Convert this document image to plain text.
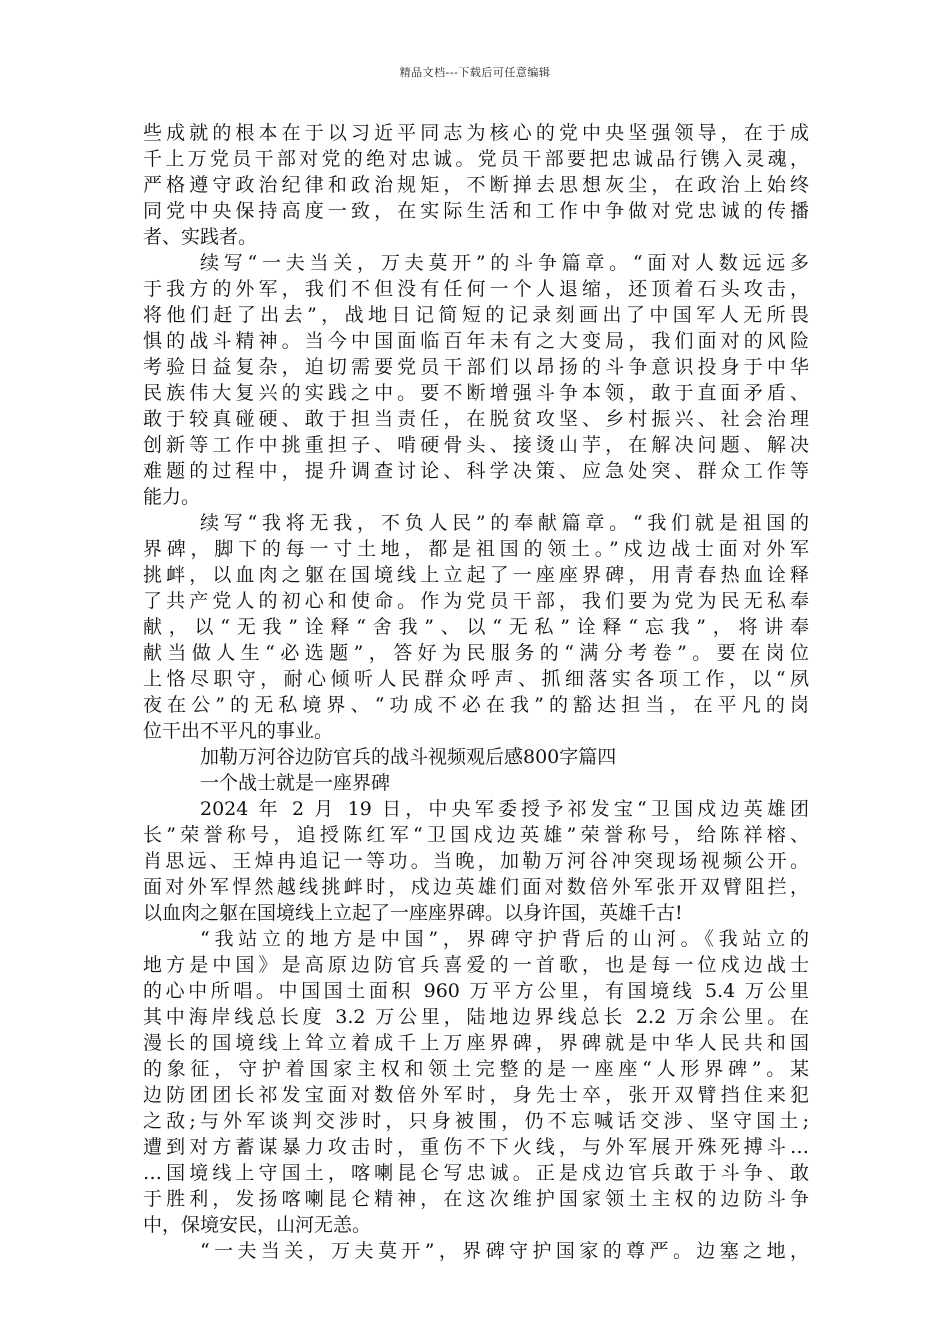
精品文档---下载后可任意编辑
些成就的根本在于以习近平同志为核心的党中央坚强领导，在于成
千上万党员干部对党的绝对忠诚。党员干部要把忠诚品行镌入灵魂，
严格遵守政治纪律和政治规矩，不断掸去思想灰尘，在政治上始终
同党中央保持高度一致，在实际生活和工作中争做对党忠诚的传播
者、实践者。
续写“一夫当关，万夫莫开”的斗争篇章。“面对人数远远多
于我方的外军，我们不但没有任何一个人退缩，还顶着石头攻击，
将他们赶了出去”，战地日记简短的记录刻画出了中国军人无所畏
惧的战斗精神。当今中国面临百年未有之大变局，我们面对的风险
考验日益复杂，迫切需要党员干部们以昂扬的斗争意识投身于中华
民族伟大复兴的实践之中。要不断增强斗争本领，敢于直面矛盾、
敢于较真碰硬、敢于担当责任，在脱贫攻坚、乡村振兴、社会治理
创新等工作中挑重担子、啃硬骨头、接烫山芋，在解决问题、解决
难题的过程中，提升调查讨论、科学决策、应急处突、群众工作等
能力。
续写“我将无我，不负人民”的奉献篇章。“我们就是祖国的
界碑，脚下的每一寸土地，都是祖国的领土。”戍边战士面对外军
挑衅，以血肉之躯在国境线上立起了一座座界碑，用青春热血诠释
了共产党人的初心和使命。作为党员干部，我们要为党为民无私奉
献，以“无我”诠释“舍我”、以“无私”诠释“忘我”，将讲奉
献当做人生“必选题”，答好为民服务的“满分考卷”。要在岗位
上恪尽职守，耐心倾听人民群众呼声、抓细落实各项工作，以“夙
夜在公”的无私境界、“功成不必在我”的豁达担当，在平凡的岗
位干出不平凡的事业。
加勒万河谷边防官兵的战斗视频观后感800字篇四
一个战士就是一座界碑
2024 年 2 月 19 日，中央军委授予祁发宝“卫国戍边英雄团
长”荣誉称号，追授陈红军“卫国戍边英雄”荣誉称号，给陈祥榕、
肖思远、王焯冉追记一等功。当晚，加勒万河谷冲突现场视频公开。
面对外军悍然越线挑衅时，戍边英雄们面对数倍外军张开双臂阻拦，
以血肉之躯在国境线上立起了一座座界碑。以身许国，英雄千古!
“我站立的地方是中国”，界碑守护背后的山河。《我站立的
地方是中国》是高原边防官兵喜爱的一首歌，也是每一位戍边战士
的心中所唱。中国国土面积 960 万平方公里，有国境线 5.4 万公里
其中海岸线总长度 3.2 万公里，陆地边界线总长 2.2 万余公里。在
漫长的国境线上耸立着成千上万座界碑，界碑就是中华人民共和国
的象征，守护着国家主权和领土完整的是一座座“人形界碑”。某
边防团团长祁发宝面对数倍外军时，身先士卒，张开双臂挡住来犯
之敌;与外军谈判交涉时，只身被围，仍不忘喊话交涉、坚守国土;
遭到对方蓄谋暴力攻击时，重伤不下火线，与外军展开殊死搏斗…
…国境线上守国土，喀喇昆仑写忠诚。正是戍边官兵敢于斗争、敢
于胜利，发扬喀喇昆仑精神，在这次维护国家领土主权的边防斗争
中，保境安民，山河无恙。
“一夫当关，万夫莫开”，界碑守护国家的尊严。边塞之地，
